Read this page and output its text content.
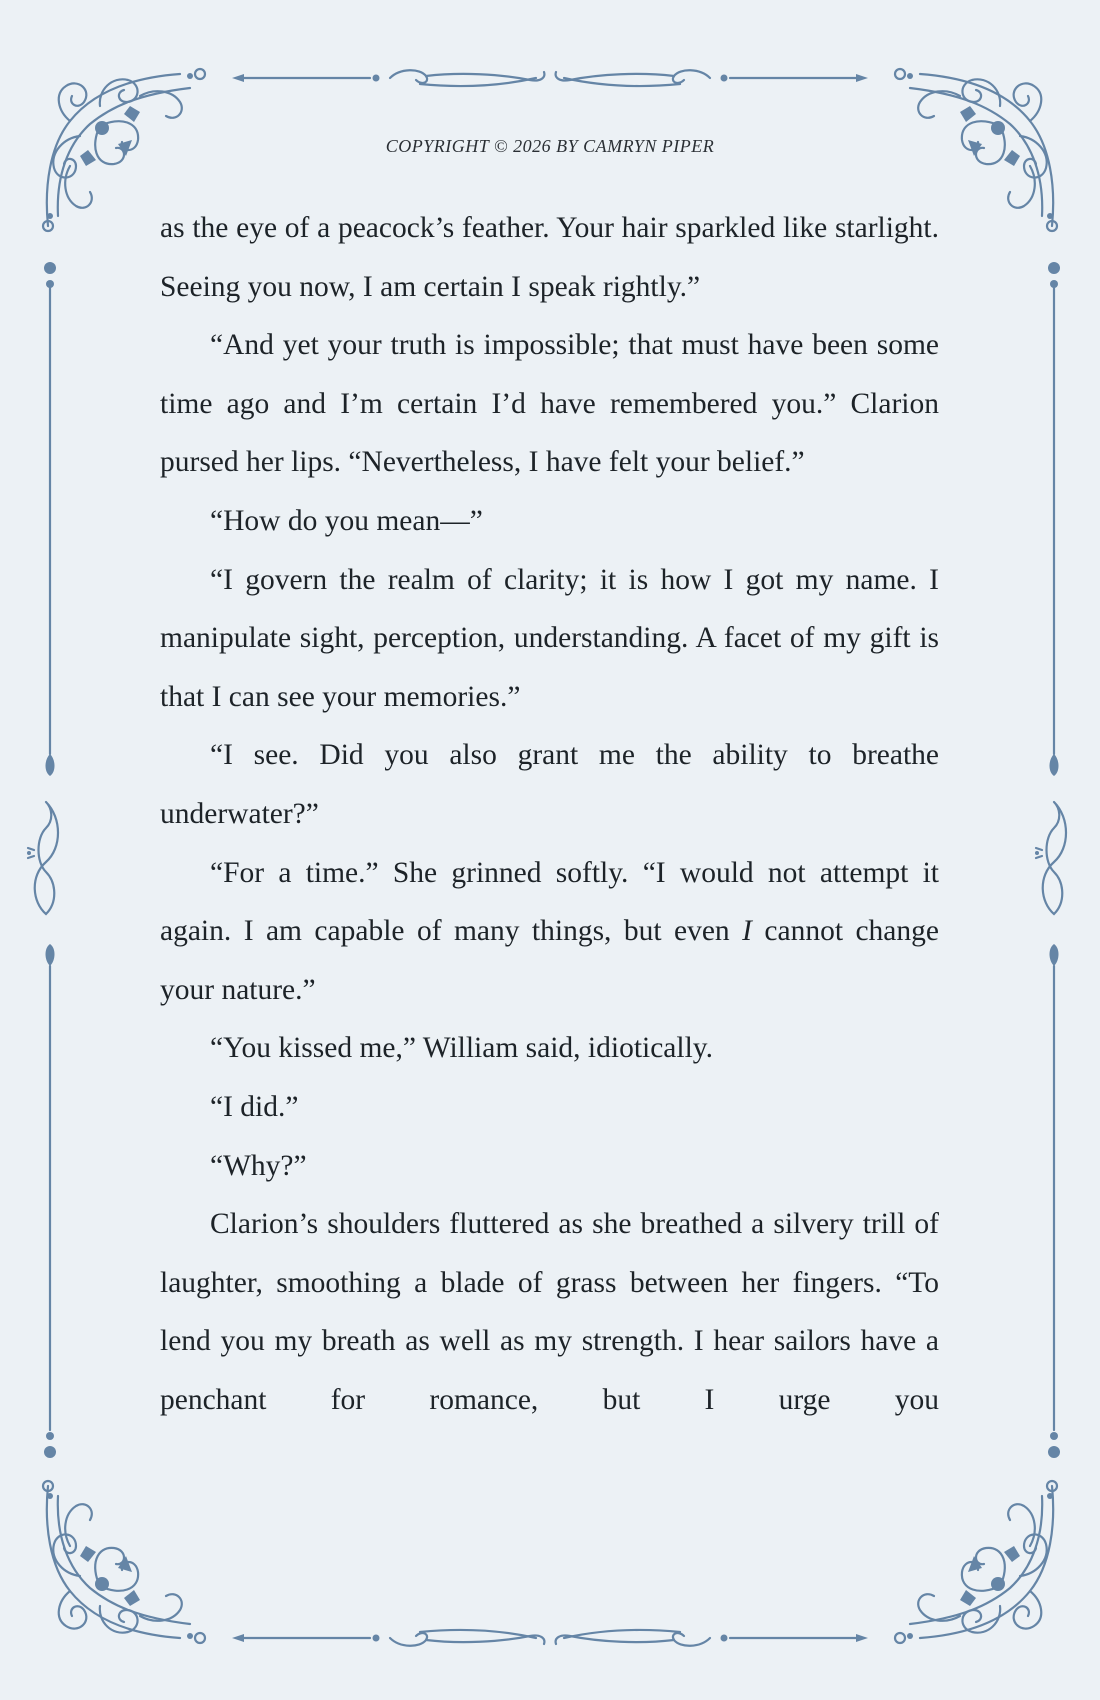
COPYRIGHT © 2026 BY CAMRYN PIPER

as the eye of a peacock’s feather. Your hair sparkled like starlight. Seeing you now, I am certain I speak rightly.”

“And yet your truth is impossible; that must have been some time ago and I’m certain I’d have remembered you.” Clarion pursed her lips. “Nevertheless, I have felt your belief.”

“How do you mean—”

“I govern the realm of clarity; it is how I got my name. I manipulate sight, perception, understanding. A facet of my gift is that I can see your memories.”

“I see. Did you also grant me the ability to breathe underwater?”

“For a time.” She grinned softly. “I would not attempt it again. I am capable of many things, but even I cannot change your nature.”

“You kissed me,” William said, idiotically.

“I did.”

“Why?”

Clarion’s shoulders fluttered as she breathed a silvery trill of laughter, smoothing a blade of grass between her fingers. “To lend you my breath as well as my strength. I hear sailors have a penchant for romance, but I urge you
